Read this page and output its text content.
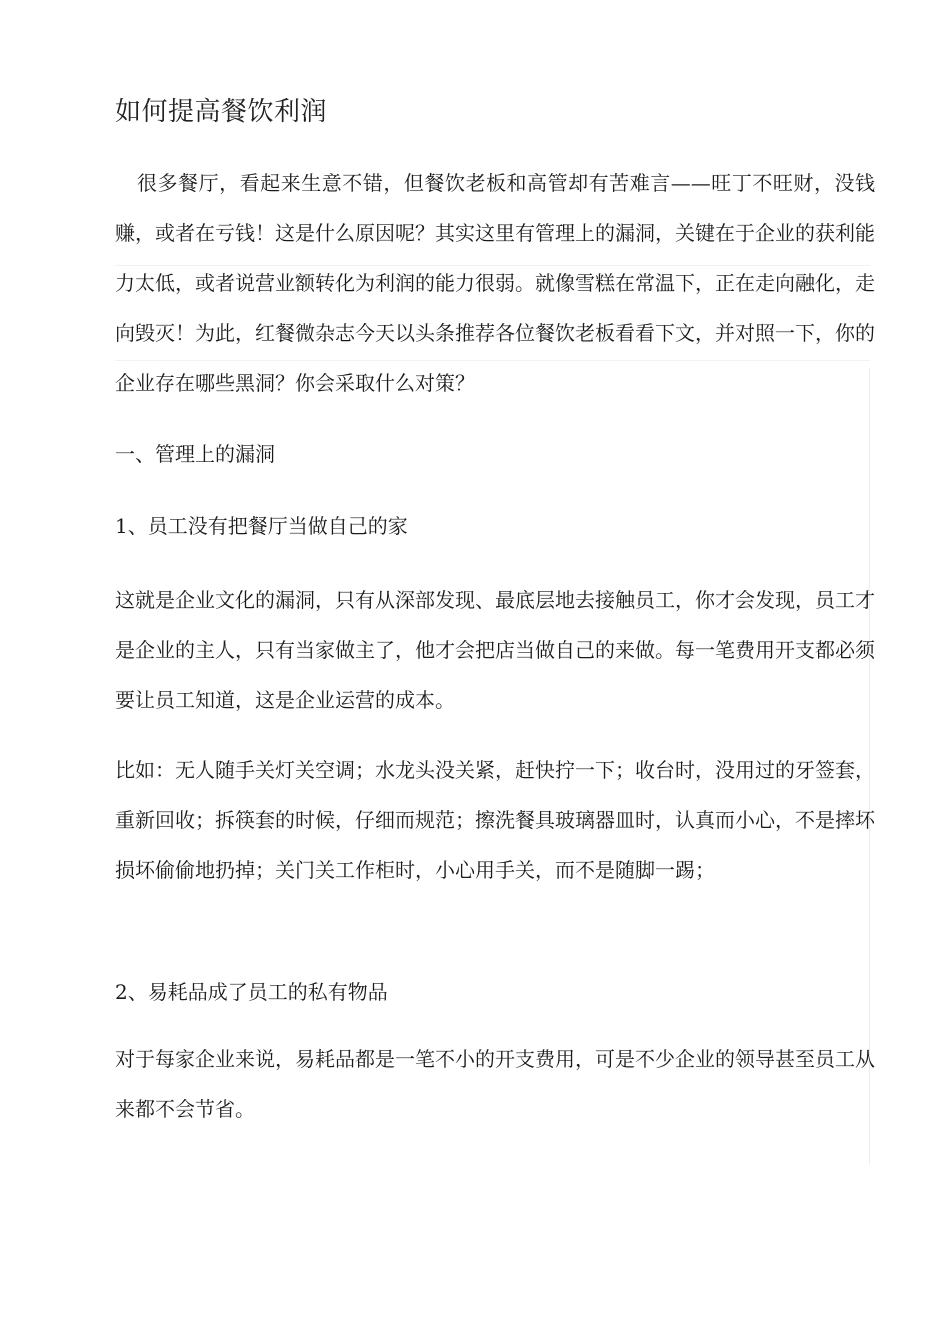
如何提高餐饮利润

很多餐厅，看起来生意不错，但餐饮老板和高管却有苦难言——旺丁不旺财，没钱赚，或者在亏钱！这是什么原因呢？其实这里有管理上的漏洞，关键在于企业的获利能力太低，或者说营业额转化为利润的能力很弱。就像雪糕在常温下，正在走向融化，走向毁灭！为此，红餐微杂志今天以头条推荐各位餐饮老板看看下文，并对照一下，你的企业存在哪些黑洞？你会采取什么对策？

一、管理上的漏洞
1、员工没有把餐厅当做自己的家

这就是企业文化的漏洞，只有从深部发现、最底层地去接触员工，你才会发现，员工才是企业的主人，只有当家做主了，他才会把店当做自己的来做。每一笔费用开支都必须要让员工知道，这是企业运营的成本。

比如：无人随手关灯关空调；水龙头没关紧，赶快拧一下；收台时，没用过的牙签套，重新回收；拆筷套的时候，仔细而规范；擦洗餐具玻璃器皿时，认真而小心，不是摔坏损坏偷偷地扔掉；关门关工作柜时，小心用手关，而不是随脚一踢；

2、易耗品成了员工的私有物品

对于每家企业来说，易耗品都是一笔不小的开支费用，可是不少企业的领导甚至员工从来都不会节省。
